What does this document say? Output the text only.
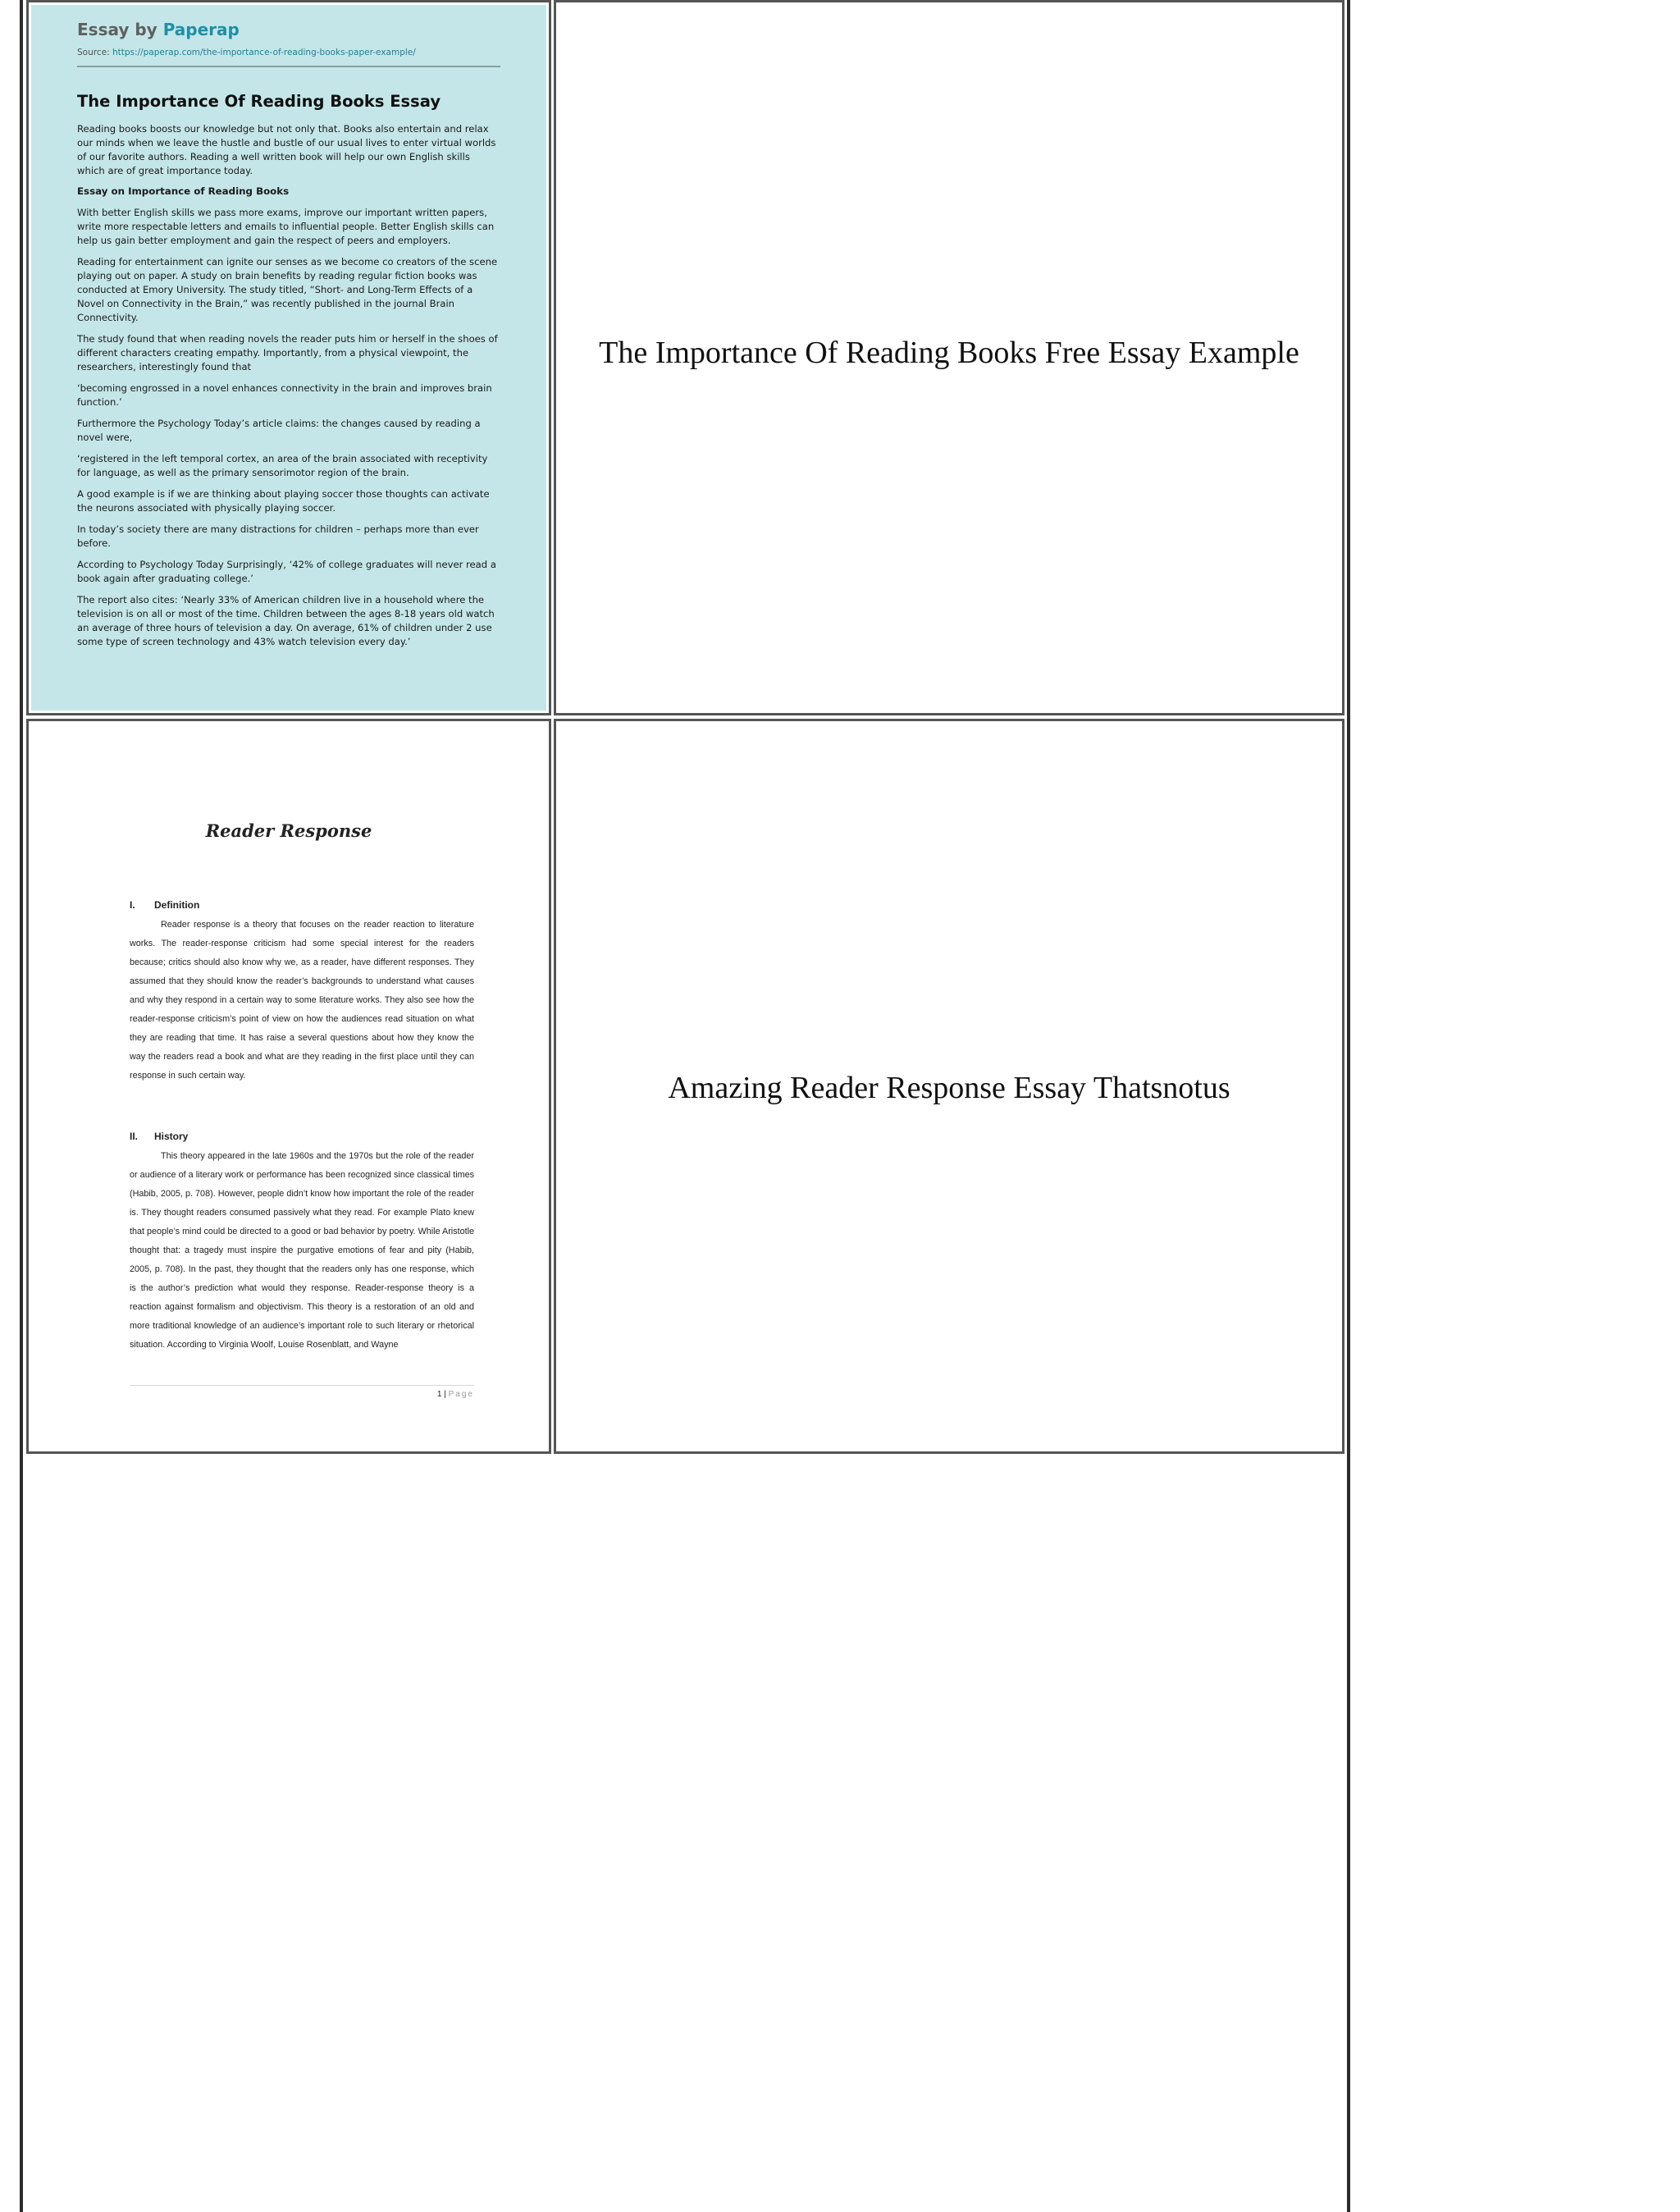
Essay by Paperap

Source: https://paperap.com/the-importance-of-reading-books-paper-example/
The Importance Of Reading Books Essay

Reading books boosts our knowledge but not only that. Books also entertain and relax our minds when we leave the hustle and bustle of our usual lives to enter virtual worlds of our favorite authors. Reading a well written book will help our own English skills which are of great importance today.

Essay on Importance of Reading Books

With better English skills we pass more exams, improve our important written papers, write more respectable letters and emails to influential people. Better English skills can help us gain better employment and gain the respect of peers and employers.

Reading for entertainment can ignite our senses as we become co creators of the scene playing out on paper. A study on brain benefits by reading regular fiction books was conducted at Emory University. The study titled, “Short- and Long-Term Effects of a Novel on Connectivity in the Brain,” was recently published in the journal Brain Connectivity.

The study found that when reading novels the reader puts him or herself in the shoes of different characters creating empathy. Importantly, from a physical viewpoint, the researchers, interestingly found that

‘becoming engrossed in a novel enhances connectivity in the brain and improves brain function.’

Furthermore the Psychology Today’s article claims: the changes caused by reading a novel were,

‘registered in the left temporal cortex, an area of the brain associated with receptivity for language, as well as the primary sensorimotor region of the brain.

A good example is if we are thinking about playing soccer those thoughts can activate the neurons associated with physically playing soccer.

In today’s society there are many distractions for children – perhaps more than ever before.

According to Psychology Today Surprisingly, ‘42% of college graduates will never read a book again after graduating college.’

The report also cites: ‘Nearly 33% of American children live in a household where the television is on all or most of the time. Children between the ages 8-18 years old watch an average of three hours of television a day. On average, 61% of children under 2 use some type of screen technology and 43% watch television every day.’

The Importance Of Reading Books Free Essay Example
Reader Response

I. Definition

Reader response is a theory that focuses on the reader reaction to literature works. The reader-response criticism had some special interest for the readers because; critics should also know why we, as a reader, have different responses. They assumed that they should know the reader’s backgrounds to understand what causes and why they respond in a certain way to some literature works. They also see how the reader-response criticism’s point of view on how the audiences read situation on what they are reading that time. It has raise a several questions about how they know the way the readers read a book and what are they reading in the first place until they can response in such certain way.

II. History

This theory appeared in the late 1960s and the 1970s but the role of the reader or audience of a literary work or performance has been recognized since classical times (Habib, 2005, p. 708). However, people didn’t know how important the role of the reader is. They thought readers consumed passively what they read. For example Plato knew that people’s mind could be directed to a good or bad behavior by poetry. While Aristotle thought that: a tragedy must inspire the purgative emotions of fear and pity (Habib, 2005, p. 708). In the past, they thought that the readers only has one response, which is the author’s prediction what would they response. Reader-response theory is a reaction against formalism and objectivism. This theory is a restoration of an old and more traditional knowledge of an audience’s important role to such literary or rhetorical situation. According to Virginia Woolf, Louise Rosenblatt, and Wayne

1 | Page
Amazing Reader Response Essay Thatsnotus
